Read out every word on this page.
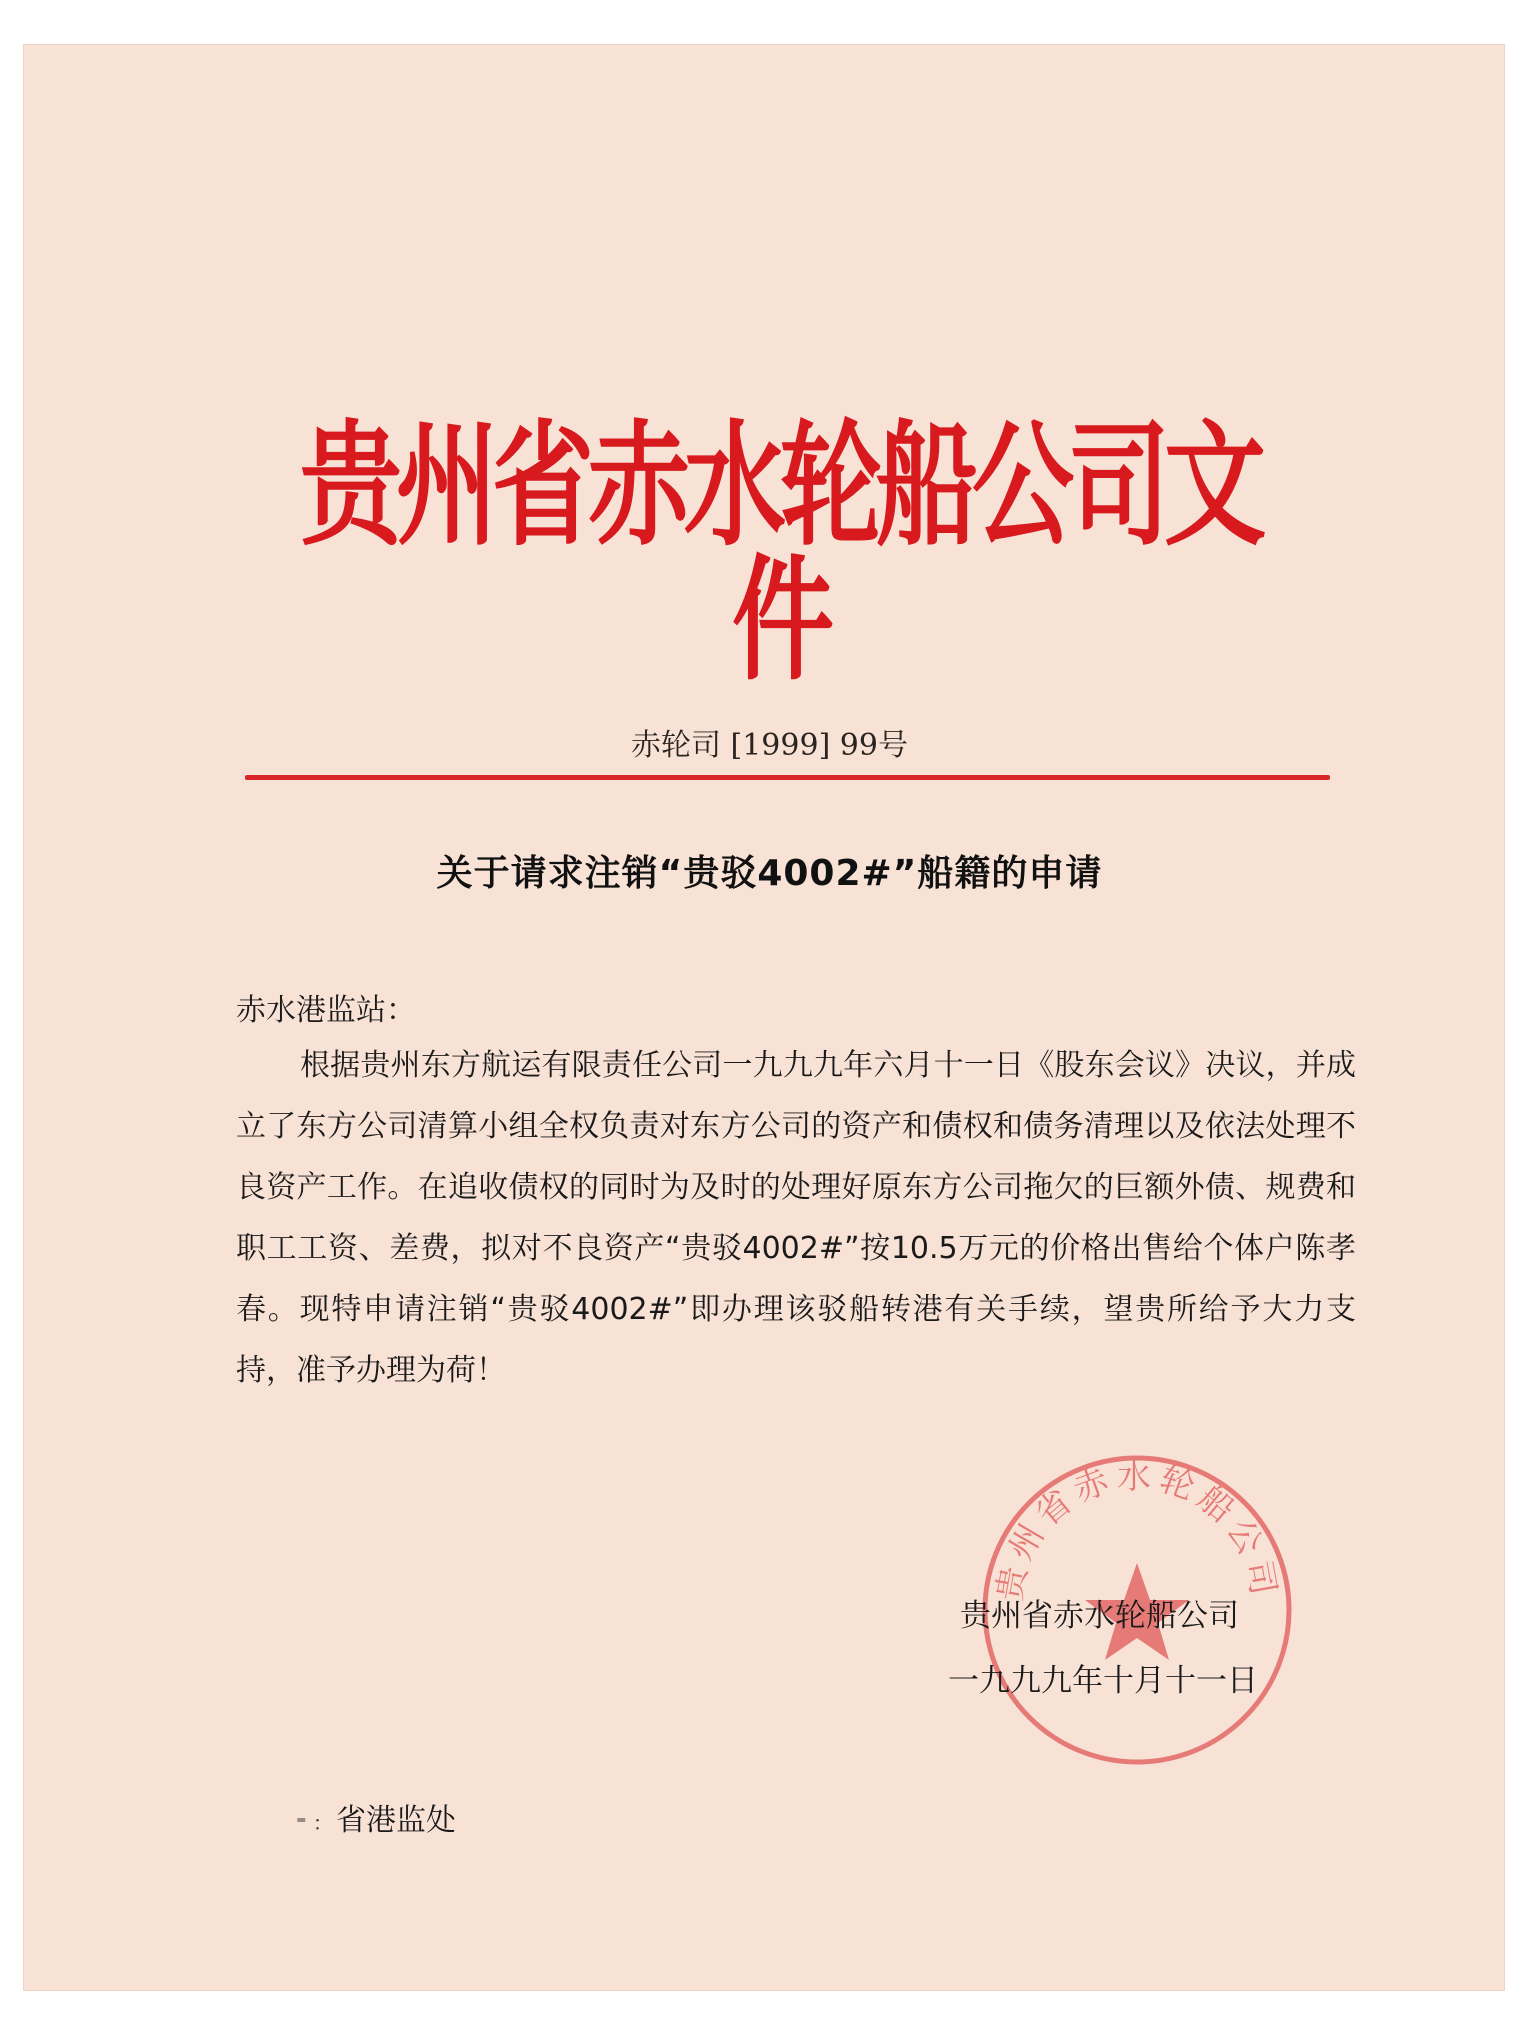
贵州省赤水轮船公司文件
赤轮司 [1999] 99号
关于请求注销“贵驳4002#”船籍的申请
赤水港监站：

根据贵州东方航运有限责任公司一九九九年六月十一日《股东会议》决议，并成立了东方公司清算小组全权负责对东方公司的资产和债权和债务清理以及依法处理不良资产工作。在追收债权的同时为及时的处理好原东方公司拖欠的巨额外债、规费和职工工资、差费，拟对不良资产“贵驳4002#”按10.5万元的价格出售给个体户陈孝春。现特申请注销“贵驳4002#”即办理该驳船转港有关手续，望贵所给予大力支持，准予办理为荷！

贵州省赤水轮船公司
贵州省赤水轮船公司
一九九九年十月十一日
⁼ ： 省港监处
